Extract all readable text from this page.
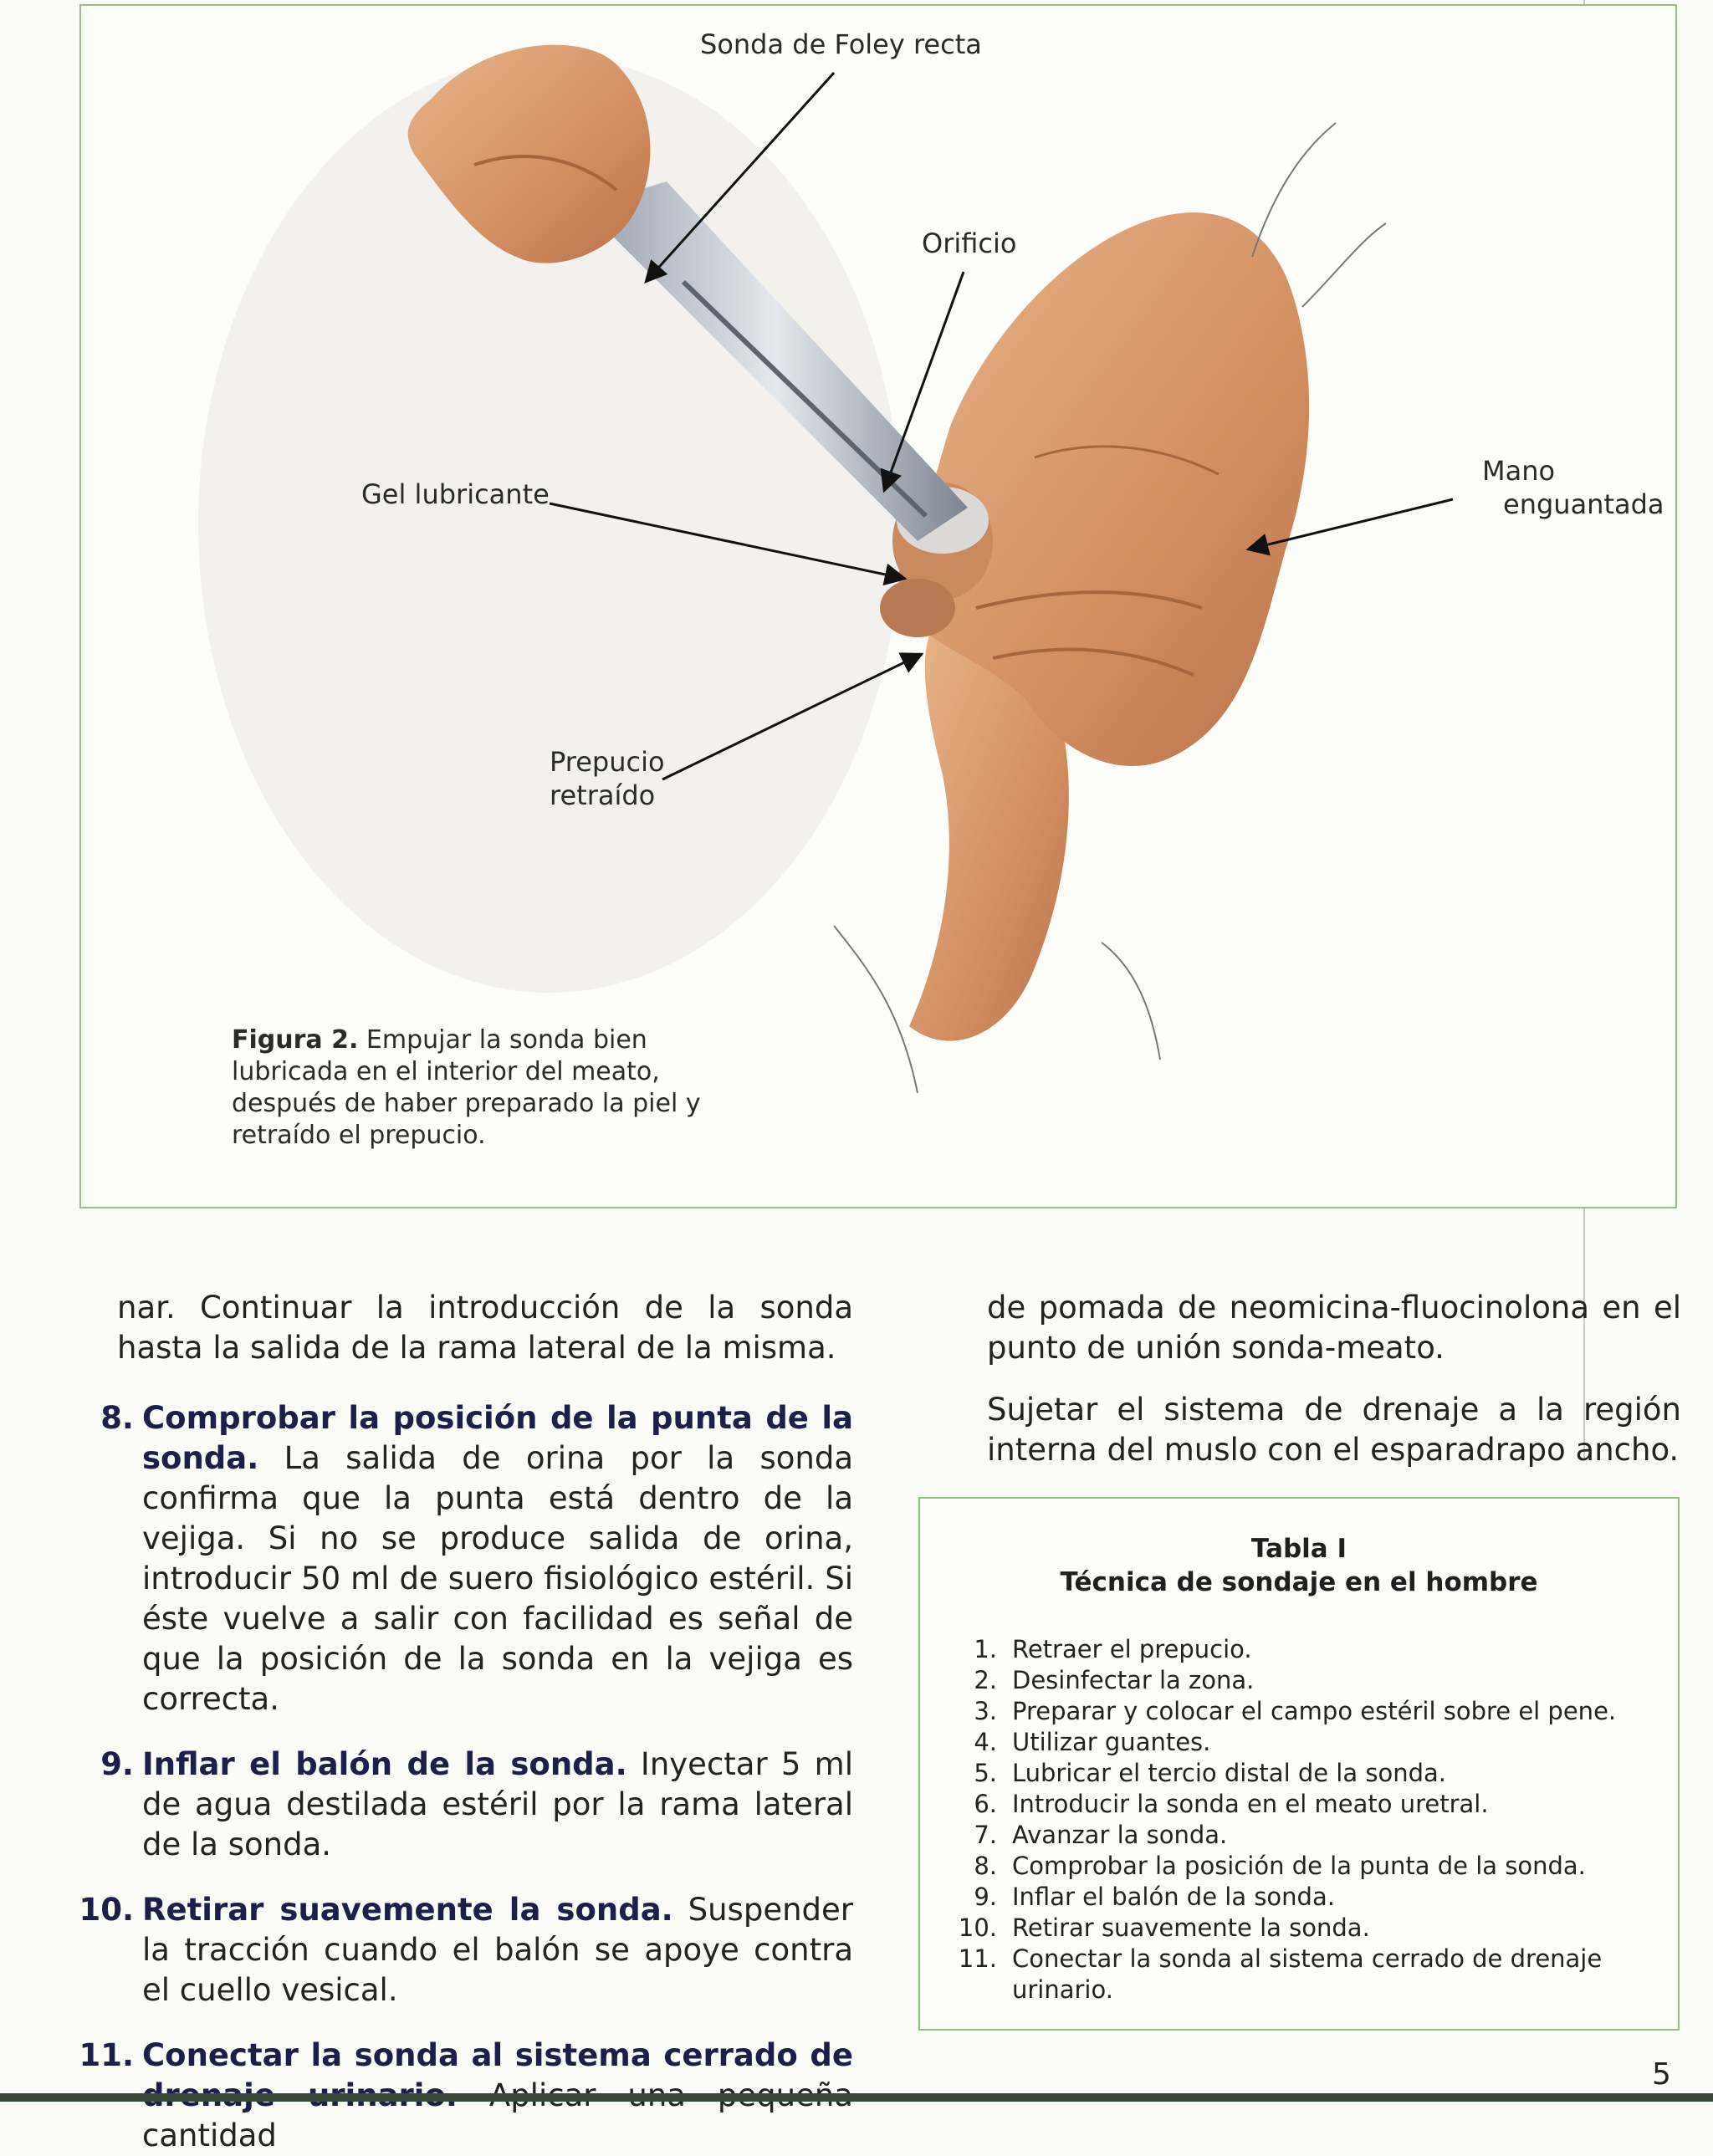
Sonda de Foley recta
Orificio
Gel lubricante
Mano
enguantada
Prepucio
retraído
Figura 2. Empujar la sonda bien lubricada en el interior del meato, después de haber preparado la piel y retraído el prepucio.

nar. Continuar la introducción de la sonda hasta la salida de la rama lateral de la misma.

8. Comprobar la posición de la punta de la sonda. La salida de orina por la sonda confirma que la punta está dentro de la vejiga. Si no se produce salida de orina, introducir 50 ml de suero fisiológico estéril. Si éste vuelve a salir con facilidad es señal de que la posición de la sonda en la vejiga es correcta.

9. Inflar el balón de la sonda. Inyectar 5 ml de agua destilada estéril por la rama lateral de la sonda.

10. Retirar suavemente la sonda. Suspender la tracción cuando el balón se apoye contra el cuello vesical.

11. Conectar la sonda al sistema cerrado de cantidad

de pomada de neomicina-fluocinolona en el punto de unión sonda-meato.

Sujetar el sistema de drenaje a la región interna del muslo con el esparadrapo ancho.

Tabla I
Técnica de sondaje en el hombre
1. Retraer el prepucio.
2. Desinfectar la zona.
3. Preparar y colocar el campo estéril sobre el pene.
4. Utilizar guantes.
5. Lubricar el tercio distal de la sonda.
6. Introducir la sonda en el meato uretral.
7. Avanzar la sonda.
8. Comprobar la posición de la punta de la sonda.
9. Inflar el balón de la sonda.
10. Retirar suavemente la sonda.
11. Conectar la sonda al sistema cerrado de drenaje urinario.
5
